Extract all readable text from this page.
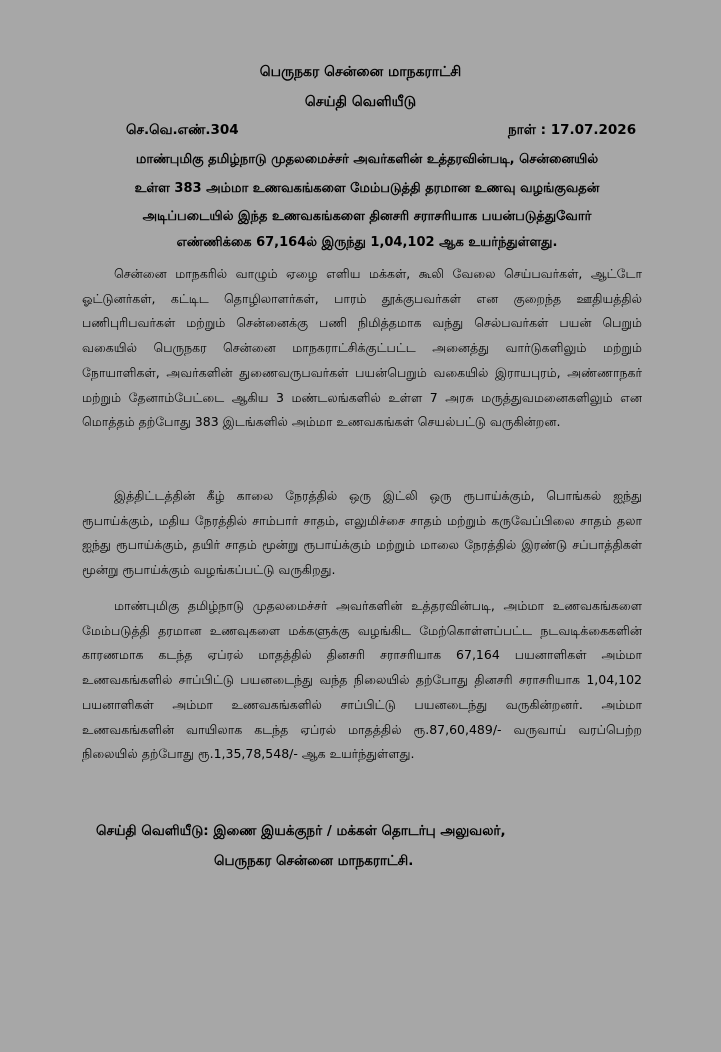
பெருநகர சென்னை மாநகராட்சி
செய்தி வெளியீடு
செ.வெ.எண்.304	நாள் : 17.07.2026
மாண்புமிகு தமிழ்நாடு முதலமைச்சர் அவர்களின் உத்தரவின்படி, சென்னையில்
உள்ள 383 அம்மா உணவகங்களை மேம்படுத்தி தரமான உணவு வழங்குவதன்
அடிப்படையில் இந்த உணவகங்களை தினசரி சராசரியாக பயன்படுத்துவோர்
எண்ணிக்கை 67,164ல் இருந்து 1,04,102 ஆக உயர்ந்துள்ளது.
சென்னை மாநகரில் வாழும் ஏழை எளிய மக்கள், கூலி வேலை செய்பவர்கள், ஆட்டோ ஓட்டுனர்கள், கட்டிட தொழிலாளர்கள், பாரம் தூக்குபவர்கள் என குறைந்த ஊதியத்தில் பணிபுரிபவர்கள் மற்றும் சென்னைக்கு பணி நிமித்தமாக வந்து செல்பவர்கள் பயன் பெறும் வகையில் பெருநகர சென்னை மாநகராட்சிக்குட்பட்ட அனைத்து வார்டுகளிலும் மற்றும் நோயாளிகள், அவர்களின் துணைவருபவர்கள் பயன்பெறும் வகையில் இராயபுரம், அண்ணாநகர் மற்றும் தேனாம்பேட்டை ஆகிய 3 மண்டலங்களில் உள்ள 7 அரசு மருத்துவமனைகளிலும் என மொத்தம் தற்போது 383 இடங்களில் அம்மா உணவகங்கள் செயல்பட்டு வருகின்றன.
இத்திட்டத்தின் கீழ் காலை நேரத்தில் ஒரு இட்லி ஒரு ரூபாய்க்கும், பொங்கல் ஐந்து ரூபாய்க்கும், மதிய நேரத்தில் சாம்பார் சாதம், எலுமிச்சை சாதம் மற்றும் கருவேப்பிலை சாதம் தலா ஐந்து ரூபாய்க்கும், தயிர் சாதம் மூன்று ரூபாய்க்கும் மற்றும் மாலை நேரத்தில் இரண்டு சப்பாத்திகள் மூன்று ரூபாய்க்கும் வழங்கப்பட்டு வருகிறது.
மாண்புமிகு தமிழ்நாடு முதலமைச்சர் அவர்களின் உத்தரவின்படி, அம்மா உணவகங்களை மேம்படுத்தி தரமான உணவுகளை மக்களுக்கு வழங்கிட மேற்கொள்ளப்பட்ட நடவடிக்கைகளின் காரணமாக கடந்த ஏப்ரல் மாதத்தில் தினசரி சராசரியாக 67,164 பயனாளிகள் அம்மா உணவகங்களில் சாப்பிட்டு பயனடைந்து வந்த நிலையில் தற்போது தினசரி சராசரியாக 1,04,102 பயனாளிகள் அம்மா உணவகங்களில் சாப்பிட்டு பயனடைந்து வருகின்றனர். அம்மா உணவகங்களின் வாயிலாக கடந்த ஏப்ரல் மாதத்தில் ரூ.87,60,489/- வருவாய் வரப்பெற்ற நிலையில் தற்போது ரூ.1,35,78,548/- ஆக உயர்ந்துள்ளது.
செய்தி வெளியீடு: இணை இயக்குநர் / மக்கள் தொடர்பு அலுவலர்,
பெருநகர சென்னை மாநகராட்சி.
